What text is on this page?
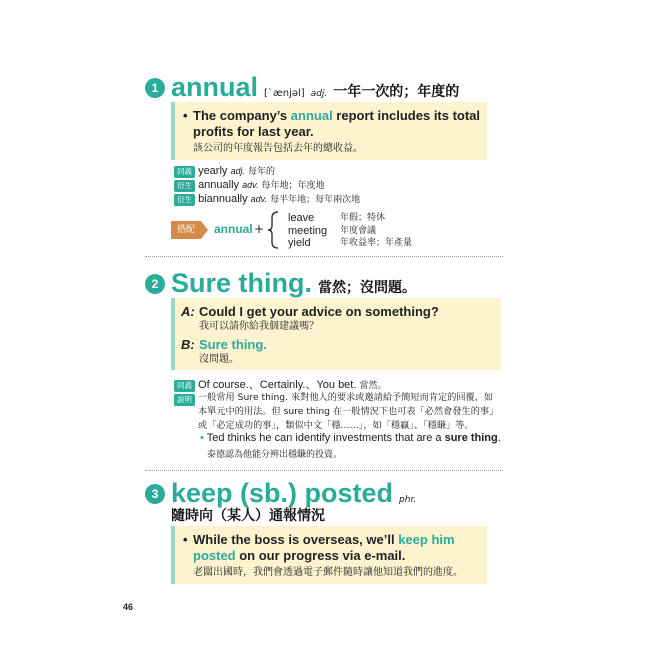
1 annual [ˋænjəl] adj. 一年一次的；年度的
• The company’s annual report includes its total profits for last year.
該公司的年度報告包括去年的總收益。
同義 yearly adj. 每年的
衍生 annually adv. 每年地；年度地
衍生 biannually adv. 每半年地；每年兩次地
搭配	annual +
leave	年假；特休
meeting	年度會議
yield	年收益率；年產量
2 Sure thing. 當然；沒問題。
A: Could I get your advice on something?
我可以請你給我個建議嗎？
B: Sure thing.
沒問題。
同義 Of course.、Certainly.、You bet. 當然。
說明 一般常用 Sure thing. 來對他人的要求或邀請給予簡短而肯定的回覆，如
本單元中的用法。但 sure thing 在一般情況下也可表「必然會發生的事」
或「必定成功的事」，類似中文「穩……」，如「穩贏」、「穩賺」等。
• Ted thinks he can identify investments that are a sure thing.
泰德認為他能分辨出穩賺的投資。
3 keep (sb.) posted phr.
隨時向（某人）通報情況
• While the boss is overseas, we’ll keep him posted on our progress via e-mail.
老闆出國時，我們會透過電子郵件隨時讓他知道我們的進度。
46
